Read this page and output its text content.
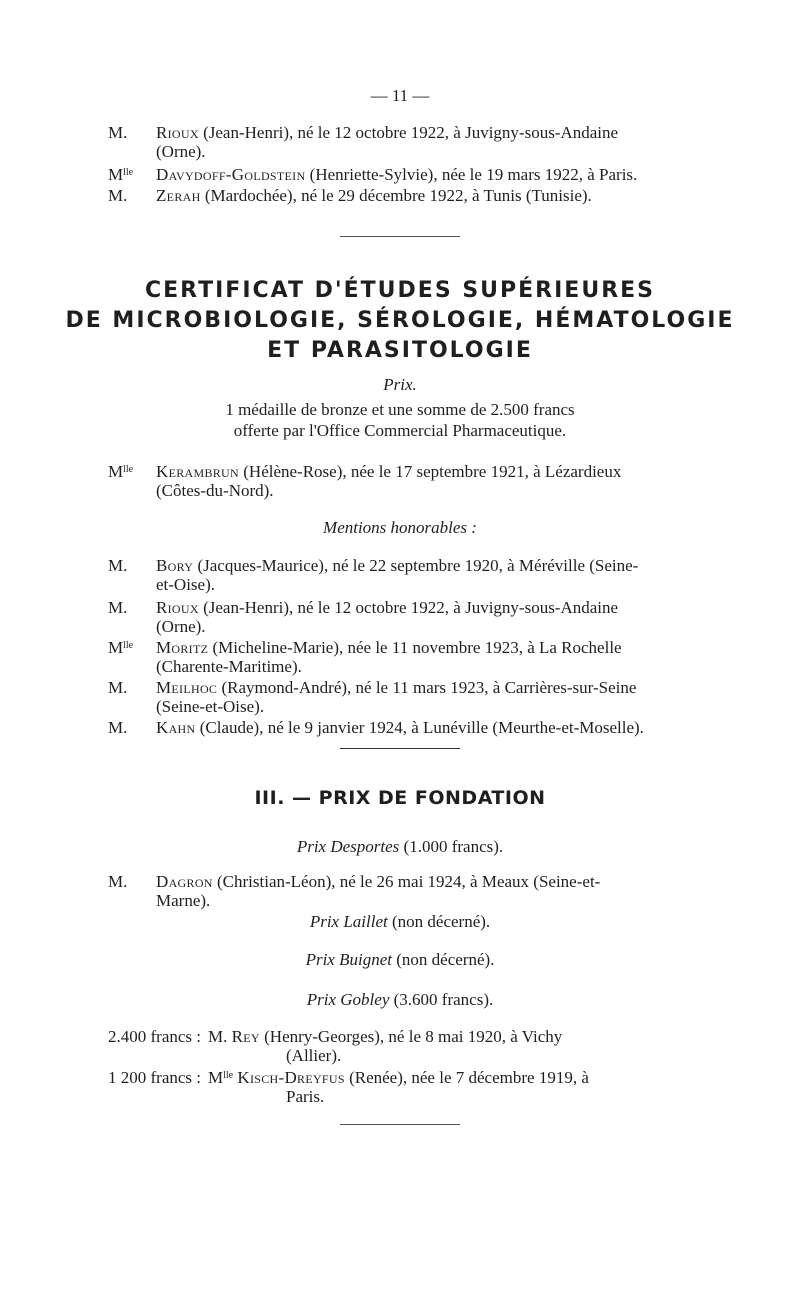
— 11 —
M. Rioux (Jean-Henri), né le 12 octobre 1922, à Juvigny-sous-Andaine
(Orne).
$M^{lle}$ Davydoff-Goldstein (Henriette-Sylvie), née le 19 mars 1922, à Paris.
M. Zerah (Mardochée), né le 29 décembre 1922, à Tunis (Tunisie).
CERTIFICAT D'ÉTUDES SUPÉRIEURES
DE MICROBIOLOGIE, SÉROLOGIE, HÉMATOLOGIE
ET PARASITOLOGIE
Prix.
1 médaille de bronze et une somme de 2.500 francs
offerte par l'Office Commercial Pharmaceutique.
$M^{lle}$ Kerambrun (Hélène-Rose), née le 17 septembre 1921, à Lézardieux
(Côtes-du-Nord).
Mentions honorables :
M. Bory (Jacques-Maurice), né le 22 septembre 1920, à Méréville (Seine-
et-Oise).
M. Rioux (Jean-Henri), né le 12 octobre 1922, à Juvigny-sous-Andaine
(Orne).
$M^{lle}$ Moritz (Micheline-Marie), née le 11 novembre 1923, à La Rochelle
(Charente-Maritime).
M. Meilhoc (Raymond-André), né le 11 mars 1923, à Carrières-sur-Seine
(Seine-et-Oise).
M. Kahn (Claude), né le 9 janvier 1924, à Lunéville (Meurthe-et-Moselle).
III. — PRIX DE FONDATION
Prix Desportes (1.000 francs).
M. Dagron (Christian-Léon), né le 26 mai 1924, à Meaux (Seine-et-
Marne).
Prix Laillet (non décerné).
Prix Buignet (non décerné).
Prix Gobley (3.600 francs).
2.400 francs : M. Rey (Henry-Georges), né le 8 mai 1920, à Vichy
(Allier).
1 200 francs : $M^{lle}$ Kisch-Dreyfus (Renée), née le 7 décembre 1919, à
Paris.
